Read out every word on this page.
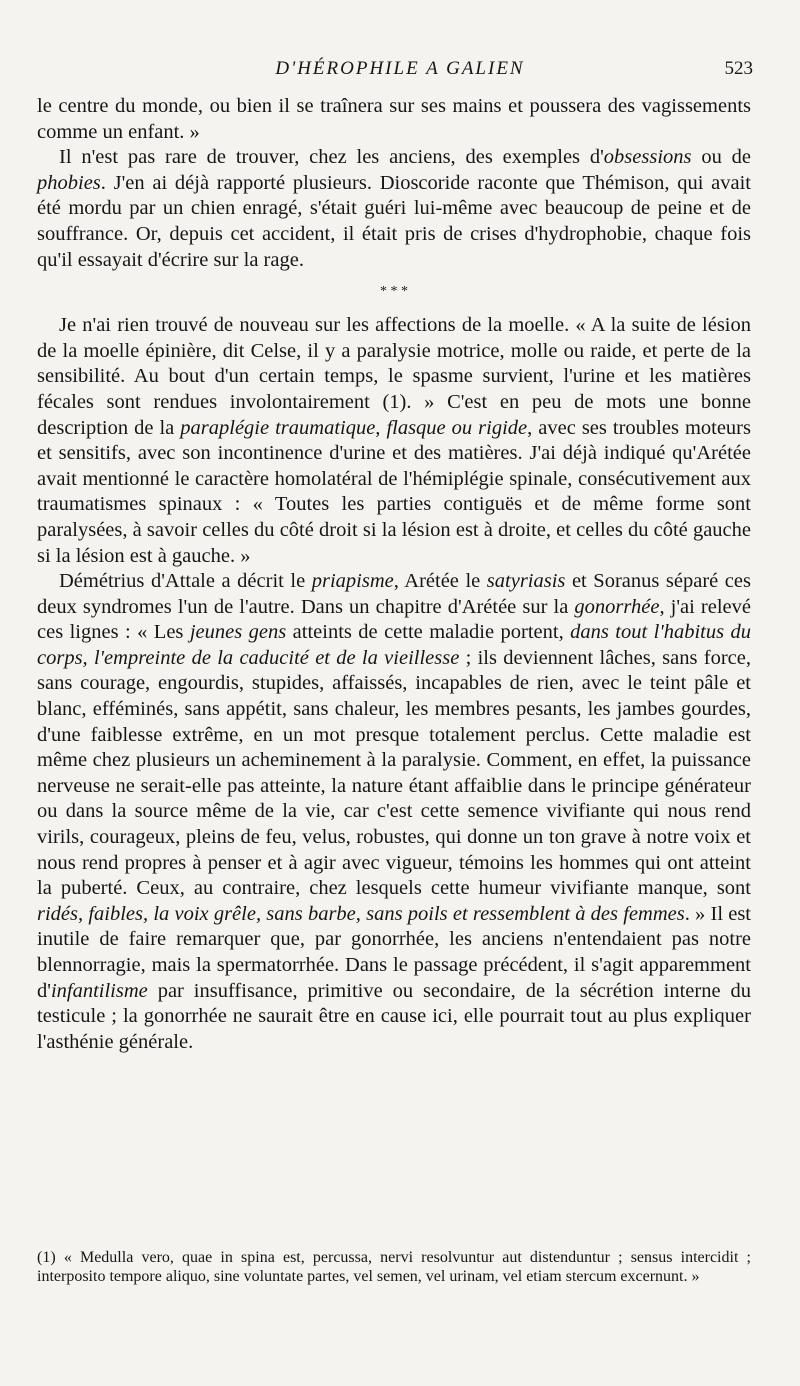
D'HÉROPHILE A GALIEN	523

le centre du monde, ou bien il se traînera sur ses mains et poussera des vagissements comme un enfant. »

Il n'est pas rare de trouver, chez les anciens, des exemples d'obsessions ou de phobies. J'en ai déjà rapporté plusieurs. Dioscoride raconte que Thémison, qui avait été mordu par un chien enragé, s'était guéri lui-même avec beaucoup de peine et de souffrance. Or, depuis cet accident, il était pris de crises d'hydrophobie, chaque fois qu'il essayait d'écrire sur la rage.

* * *

Je n'ai rien trouvé de nouveau sur les affections de la moelle. « A la suite de lésion de la moelle épinière, dit Celse, il y a paralysie motrice, molle ou raide, et perte de la sensibilité. Au bout d'un certain temps, le spasme survient, l'urine et les matières fécales sont rendues involontairement (1). » C'est en peu de mots une bonne description de la paraplégie traumatique, flasque ou rigide, avec ses troubles moteurs et sensitifs, avec son incontinence d'urine et des matières. J'ai déjà indiqué qu'Arétée avait mentionné le caractère homolatéral de l'hémiplégie spinale, consécutivement aux traumatismes spinaux : « Toutes les parties contiguës et de même forme sont paralysées, à savoir celles du côté droit si la lésion est à droite, et celles du côté gauche si la lésion est à gauche. »

Démétrius d'Attale a décrit le priapisme, Arétée le satyriasis et Soranus séparé ces deux syndromes l'un de l'autre. Dans un chapitre d'Arétée sur la gonorrhée, j'ai relevé ces lignes : « Les jeunes gens atteints de cette maladie portent, dans tout l'habitus du corps, l'empreinte de la caducité et de la vieillesse ; ils deviennent lâches, sans force, sans courage, engourdis, stupides, affaissés, incapables de rien, avec le teint pâle et blanc, efféminés, sans appétit, sans chaleur, les membres pesants, les jambes gourdes, d'une faiblesse extrême, en un mot presque totalement perclus. Cette maladie est même chez plusieurs un acheminement à la paralysie. Comment, en effet, la puissance nerveuse ne serait-elle pas atteinte, la nature étant affaiblie dans le principe générateur ou dans la source même de la vie, car c'est cette semence vivifiante qui nous rend virils, courageux, pleins de feu, velus, robustes, qui donne un ton grave à notre voix et nous rend propres à penser et à agir avec vigueur, témoins les hommes qui ont atteint la puberté. Ceux, au contraire, chez lesquels cette humeur vivifiante manque, sont ridés, faibles, la voix grêle, sans barbe, sans poils et ressemblent à des femmes. » Il est inutile de faire remarquer que, par gonorrhée, les anciens n'entendaient pas notre blennorragie, mais la spermatorrhée. Dans le passage précédent, il s'agit apparemment d'infantilisme par insuffisance, primitive ou secondaire, de la sécrétion interne du testicule ; la gonorrhée ne saurait être en cause ici, elle pourrait tout au plus expliquer l'asthénie générale.

(1) « Medulla vero, quae in spina est, percussa, nervi resolvuntur aut distenduntur ; sensus intercidit ; interposito tempore aliquo, sine voluntate partes, vel semen, vel urinam, vel etiam stercum excernunt. »
